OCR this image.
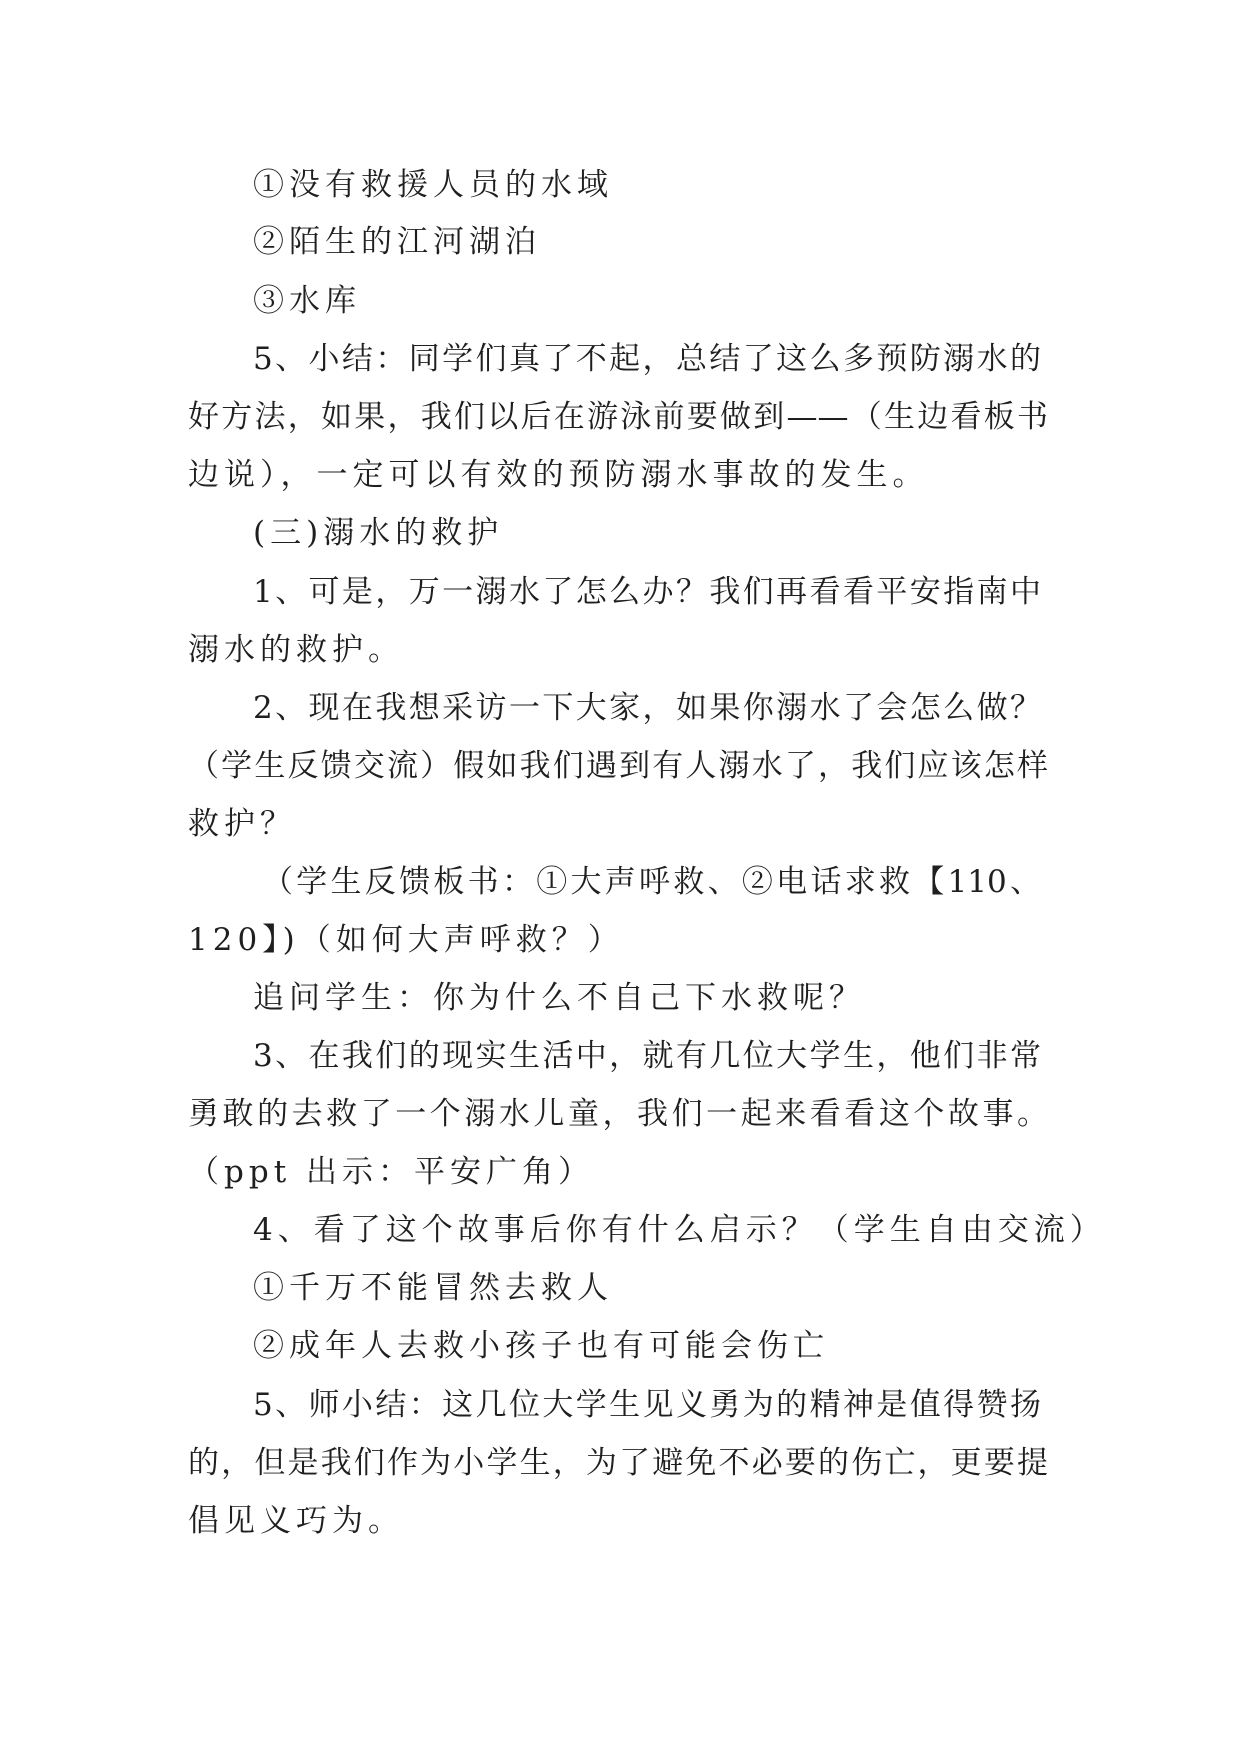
①没有救援人员的水域
②陌生的江河湖泊
③水库
5、小结：同学们真了不起，总结了这么多预防溺水的
好方法，如果，我们以后在游泳前要做到——（生边看板书
边说），一定可以有效的预防溺水事故的发生。
(三)溺水的救护
1、可是，万一溺水了怎么办？我们再看看平安指南中
溺水的救护。
2、现在我想采访一下大家，如果你溺水了会怎么做？
（学生反馈交流）假如我们遇到有人溺水了，我们应该怎样
救护？
（学生反馈板书：①大声呼救、②电话求救【110、
120】)（如何大声呼救？）
追问学生：你为什么不自己下水救呢？
3、在我们的现实生活中，就有几位大学生，他们非常
勇敢的去救了一个溺水儿童，我们一起来看看这个故事。
（ppt 出示：平安广角）
4、看了这个故事后你有什么启示？（学生自由交流）
①千万不能冒然去救人
②成年人去救小孩子也有可能会伤亡
5、师小结：这几位大学生见义勇为的精神是值得赞扬
的，但是我们作为小学生，为了避免不必要的伤亡，更要提
倡见义巧为。
